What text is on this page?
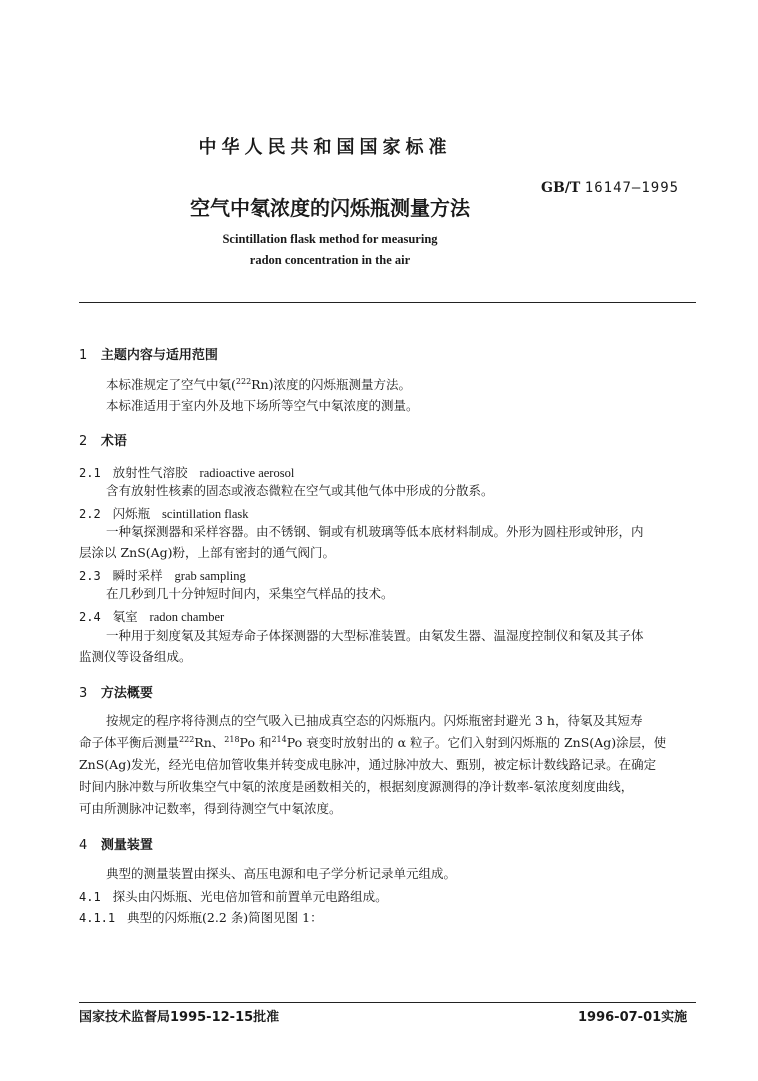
中华人民共和国国家标准
空气中氡浓度的闪烁瓶测量方法
GB/T 16147—1995
Scintillation flask method for measuring
radon concentration in the air
1 主题内容与适用范围
本标准规定了空气中氡($^{222}$Rn)浓度的闪烁瓶测量方法。
本标准适用于室内外及地下场所等空气中氡浓度的测量。
2 术语
2.1 放射性气溶胶 radioactive aerosol
含有放射性核素的固态或液态微粒在空气或其他气体中形成的分散系。
2.2 闪烁瓶 scintillation flask
一种氡探测器和采样容器。由不锈钢、铜或有机玻璃等低本底材料制成。外形为圆柱形或钟形，内
层涂以 ZnS(Ag)粉，上部有密封的通气阀门。
2.3 瞬时采样 grab sampling
在几秒到几十分钟短时间内，采集空气样品的技术。
2.4 氡室 radon chamber
一种用于刻度氡及其短寿命子体探测器的大型标准装置。由氡发生器、温湿度控制仪和氡及其子体
监测仪等设备组成。
3 方法概要
按规定的程序将待测点的空气吸入已抽成真空态的闪烁瓶内。闪烁瓶密封避光 3 h，待氡及其短寿
命子体平衡后测量$^{222}$Rn、$^{218}$Po 和$^{214}$Po 衰变时放射出的 α 粒子。它们入射到闪烁瓶的 ZnS(Ag)涂层，使
ZnS(Ag)发光，经光电倍加管收集并转变成电脉冲，通过脉冲放大、甄别，被定标计数线路记录。在确定
时间内脉冲数与所收集空气中氡的浓度是函数相关的，根据刻度源测得的净计数率-氡浓度刻度曲线，
可由所测脉冲记数率，得到待测空气中氡浓度。
4 测量装置
典型的测量装置由探头、高压电源和电子学分析记录单元组成。
4.1 探头由闪烁瓶、光电倍加管和前置单元电路组成。
4.1.1 典型的闪烁瓶(2.2 条)简图见图 1：
国家技术监督局1995-12-15批准	1996-07-01实施
